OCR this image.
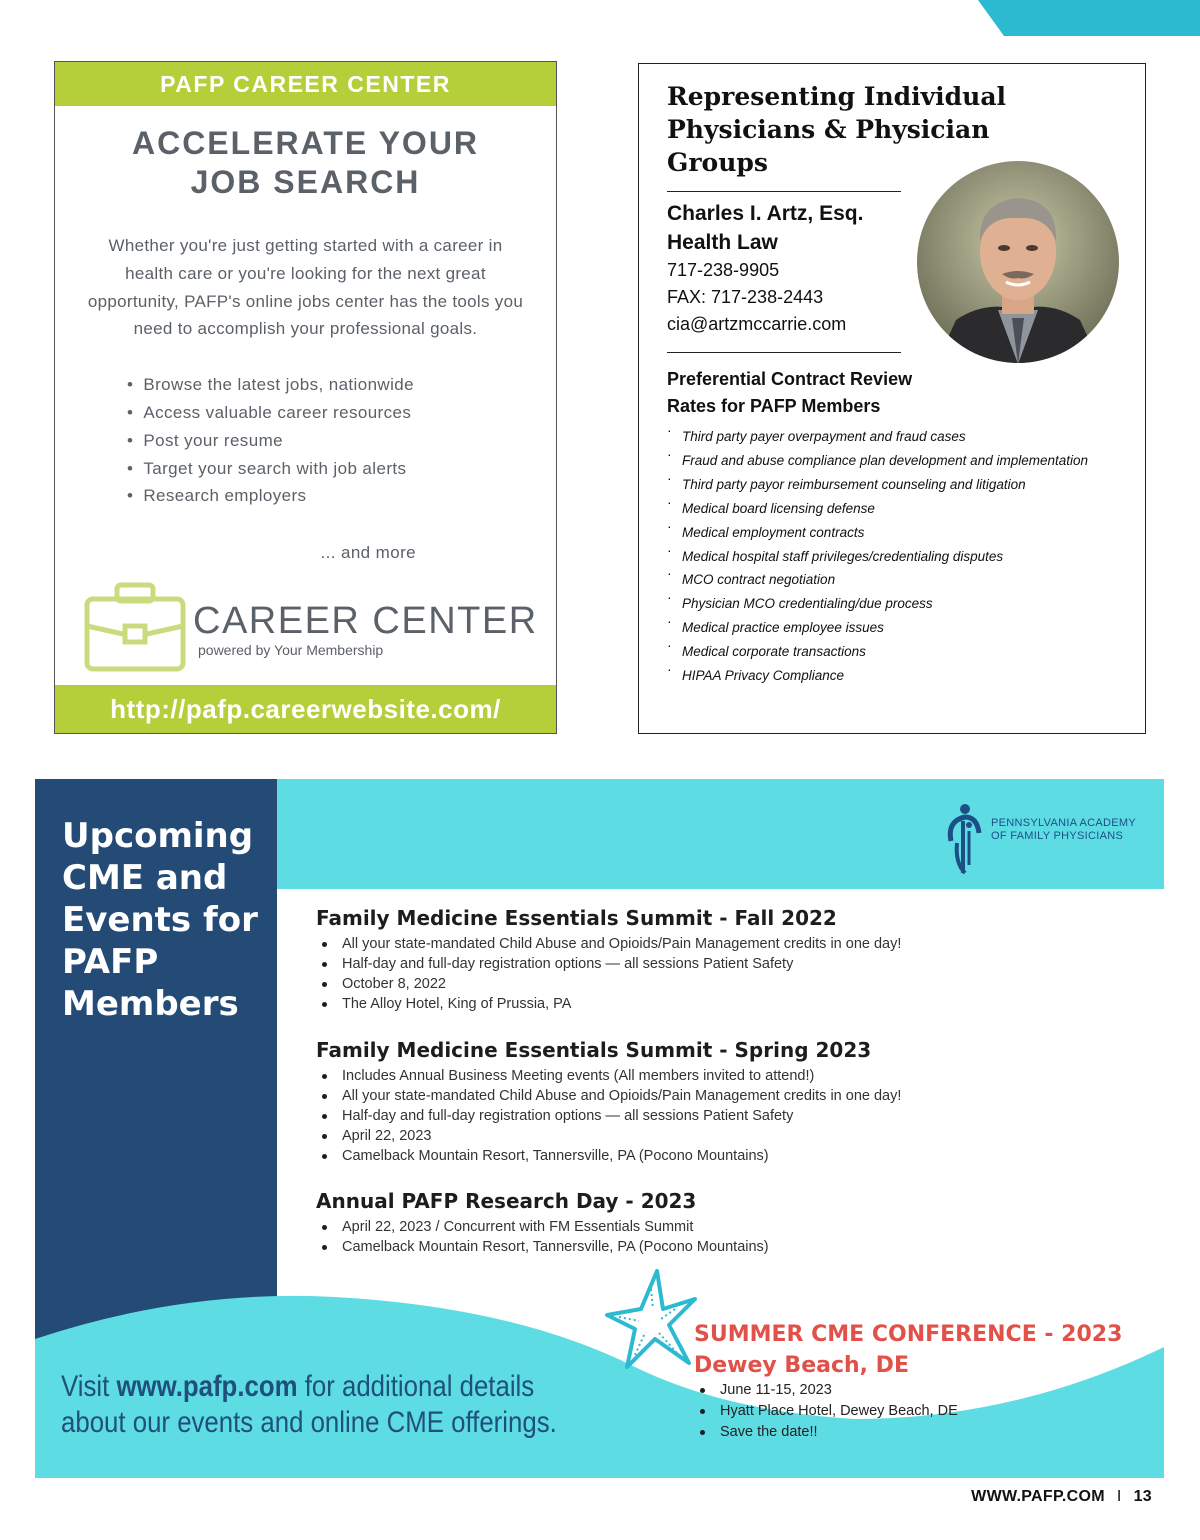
PAFP CAREER CENTER
ACCELERATE YOUR
JOB SEARCH

Whether you're just getting started with a career in health care or you're looking for the next great opportunity, PAFP's online jobs center has the tools you need to accomplish your professional goals.

• Browse the latest jobs, nationwide
• Access valuable career resources
• Post your resume
• Target your search with job alerts
• Research employers
... and more
CAREER CENTER
powered by Your Membership
http://pafp.careerwebsite.com/
Representing Individual Physicians & Physician Groups
Charles I. Artz, Esq.
Health Law
717-238-9905
FAX: 717-238-2443
cia@artzmccarrie.com
Preferential Contract Review
Rates for PAFP Members
· Third party payer overpayment and fraud cases
· Fraud and abuse compliance plan development and implementation
· Third party payor reimbursement counseling and litigation
· Medical board licensing defense
· Medical employment contracts
· Medical hospital staff privileges/credentialing disputes
· MCO contract negotiation
· Physician MCO credentialing/due process
· Medical practice employee issues
· Medical corporate transactions
· HIPAA Privacy Compliance
Upcoming
CME and
Events for
PAFP
Members
PENNSYLVANIA ACADEMY
OF FAMILY PHYSICIANS
Family Medicine Essentials Summit - Fall 2022
All your state-mandated Child Abuse and Opioids/Pain Management credits in one day!
Half-day and full-day registration options — all sessions Patient Safety
October 8, 2022
The Alloy Hotel, King of Prussia, PA
Family Medicine Essentials Summit - Spring 2023
Includes Annual Business Meeting events (All members invited to attend!)
All your state-mandated Child Abuse and Opioids/Pain Management credits in one day!
Half-day and full-day registration options — all sessions Patient Safety
April 22, 2023
Camelback Mountain Resort, Tannersville, PA (Pocono Mountains)
Annual PAFP Research Day - 2023
April 22, 2023 / Concurrent with FM Essentials Summit
Camelback Mountain Resort, Tannersville, PA (Pocono Mountains)
Visit www.pafp.com for additional details
about our events and online CME offerings.
SUMMER CME CONFERENCE - 2023
Dewey Beach, DE
June 11-15, 2023
Hyatt Place Hotel, Dewey Beach, DE
Save the date!!
WWW.PAFP.COM I 13
